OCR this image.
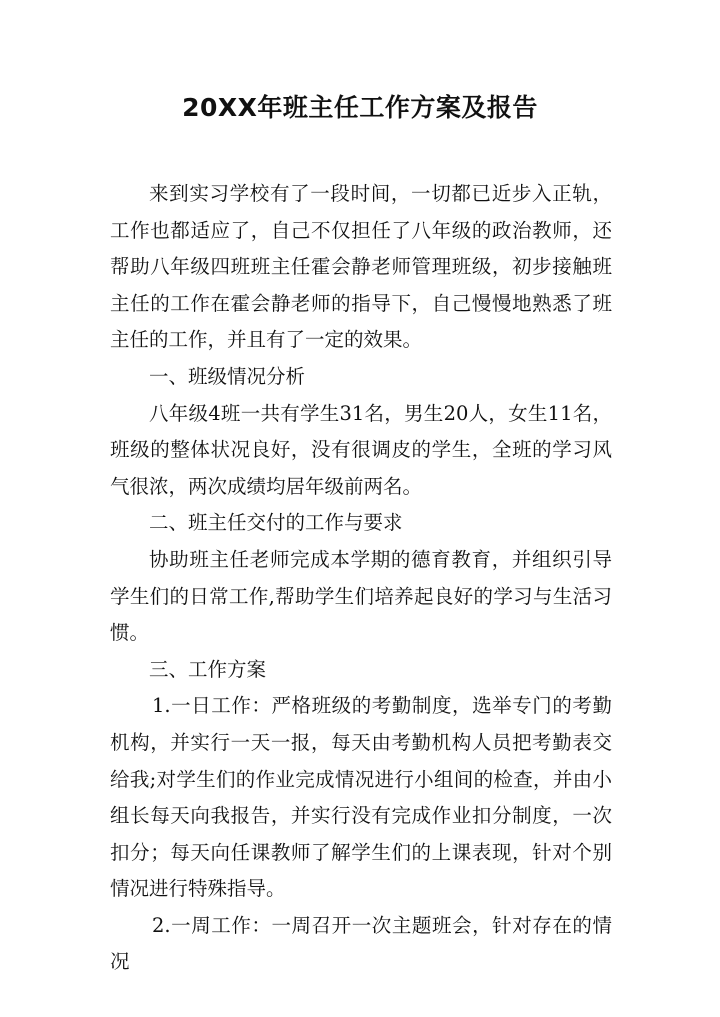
20XX年班主任工作方案及报告

来到实习学校有了一段时间，一切都已近步入正轨，工作也都适应了，自己不仅担任了八年级的政治教师，还帮助八年级四班班主任霍会静老师管理班级，初步接触班主任的工作在霍会静老师的指导下，自己慢慢地熟悉了班主任的工作，并且有了一定的效果。

一、班级情况分析

八年级4班一共有学生31名，男生20人，女生11名，班级的整体状况良好，没有很调皮的学生，全班的学习风气很浓，两次成绩均居年级前两名。

二、班主任交付的工作与要求

协助班主任老师完成本学期的德育教育，并组织引导学生们的日常工作,帮助学生们培养起良好的学习与生活习惯。

三、工作方案

1.一日工作：严格班级的考勤制度，选举专门的考勤机构，并实行一天一报，每天由考勤机构人员把考勤表交给我;对学生们的作业完成情况进行小组间的检查，并由小组长每天向我报告，并实行没有完成作业扣分制度，一次扣分；每天向任课教师了解学生们的上课表现，针对个别情况进行特殊指导。

2.一周工作：一周召开一次主题班会，针对存在的情况
